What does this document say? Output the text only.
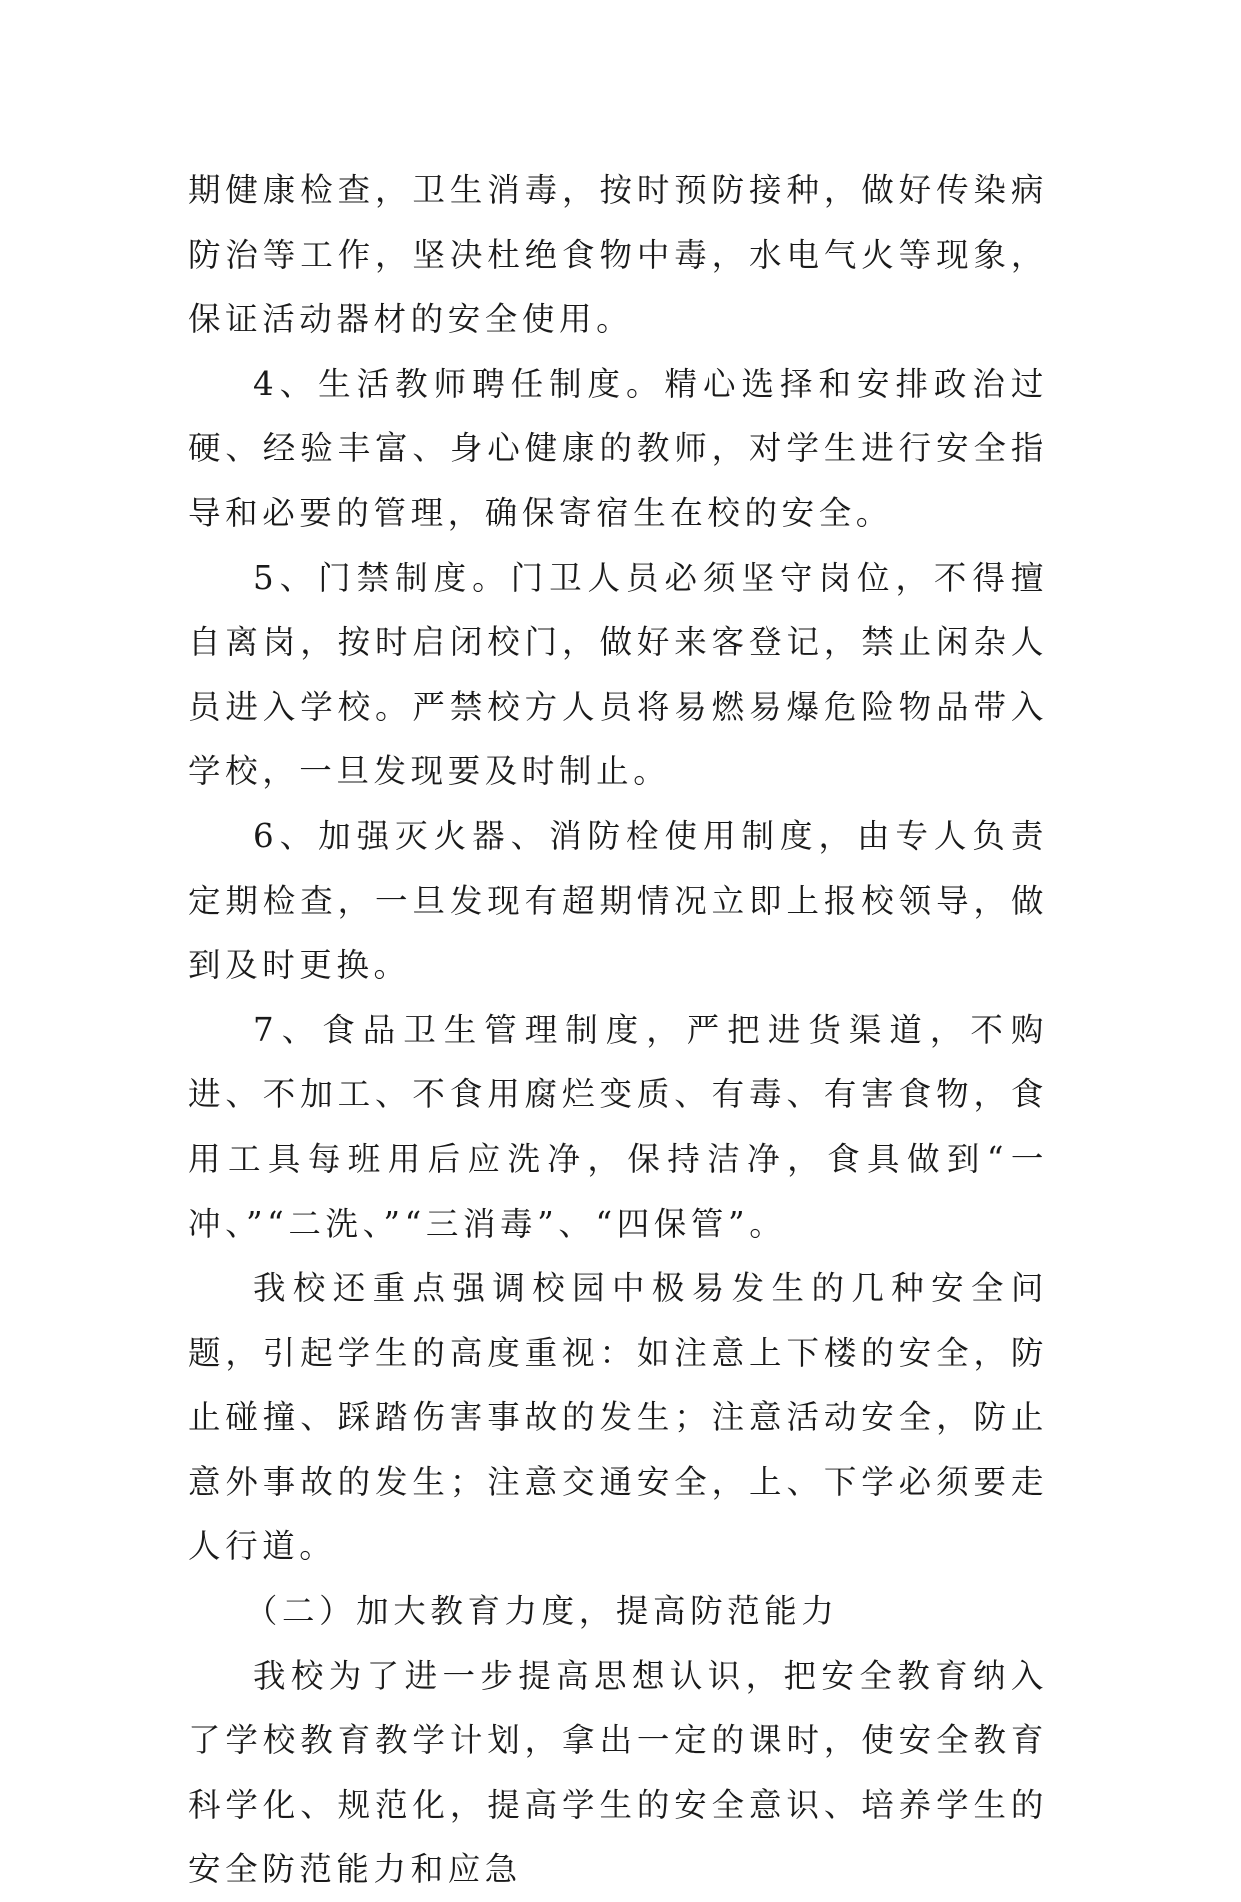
期健康检查，卫生消毒，按时预防接种，做好传染病防治等工作，坚决杜绝食物中毒，水电气火等现象，保证活动器材的安全使用。

4、生活教师聘任制度。精心选择和安排政治过硬、经验丰富、身心健康的教师，对学生进行安全指导和必要的管理，确保寄宿生在校的安全。

5、门禁制度。门卫人员必须坚守岗位，不得擅自离岗，按时启闭校门，做好来客登记，禁止闲杂人员进入学校。严禁校方人员将易燃易爆危险物品带入学校，一旦发现要及时制止。

6、加强灭火器、消防栓使用制度，由专人负责定期检查，一旦发现有超期情况立即上报校领导，做到及时更换。

7、食品卫生管理制度，严把进货渠道，不购进、不加工、不食用腐烂变质、有毒、有害食物，食用工具每班用后应洗净，保持洁净，食具做到“一冲、”“二洗、”“三消毒”、“四保管”。

我校还重点强调校园中极易发生的几种安全问题，引起学生的高度重视：如注意上下楼的安全，防止碰撞、踩踏伤害事故的发生；注意活动安全，防止意外事故的发生；注意交通安全，上、下学必须要走人行道。

（二）加大教育力度，提高防范能力

我校为了进一步提高思想认识，把安全教育纳入了学校教育教学计划，拿出一定的课时，使安全教育科学化、规范化，提高学生的安全意识、培养学生的安全防范能力和应急
